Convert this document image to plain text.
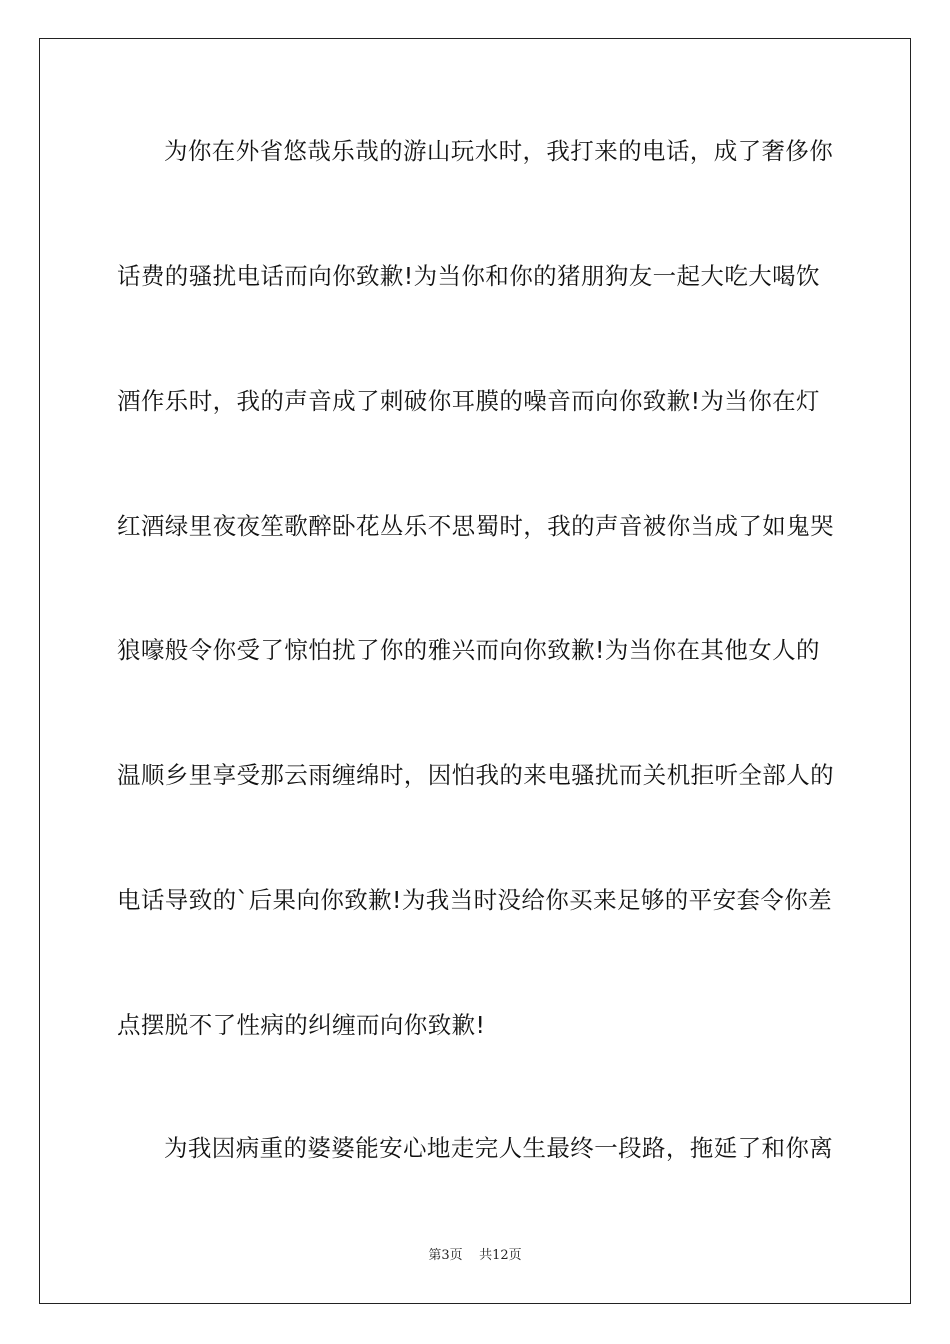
为你在外省悠哉乐哉的游山玩水时，我打来的电话，成了奢侈你
话费的骚扰电话而向你致歉!为当你和你的猪朋狗友一起大吃大喝饮
酒作乐时，我的声音成了刺破你耳膜的噪音而向你致歉!为当你在灯
红酒绿里夜夜笙歌醉卧花丛乐不思蜀时，我的声音被你当成了如鬼哭
狼嚎般令你受了惊怕扰了你的雅兴而向你致歉!为当你在其他女人的
温顺乡里享受那云雨缠绵时，因怕我的来电骚扰而关机拒听全部人的
电话导致的`后果向你致歉!为我当时没给你买来足够的平安套令你差
点摆脱不了性病的纠缠而向你致歉!
为我因病重的婆婆能安心地走完人生最终一段路，拖延了和你离
第3页 共12页
